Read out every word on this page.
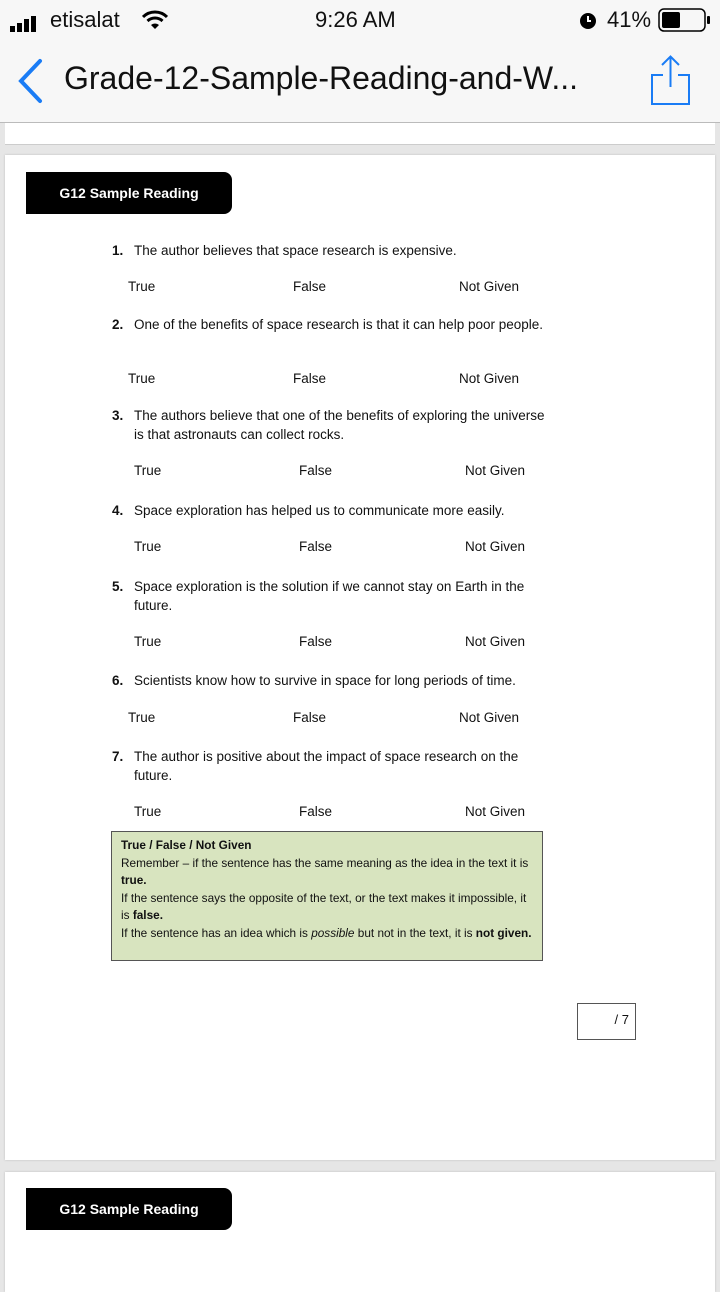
etisalat	9:26 AM	41%
Grade-12-Sample-Reading-and-W...
G12 Sample Reading
1. The author believes that space research is expensive.
True	False	Not Given
2. One of the benefits of space research is that it can help poor people.
True	False	Not Given
3. The authors believe that one of the benefits of exploring the universe is that astronauts can collect rocks.
True	False	Not Given
4. Space exploration has helped us to communicate more easily.
True	False	Not Given
5. Space exploration is the solution if we cannot stay on Earth in the future.
True	False	Not Given
6. Scientists know how to survive in space for long periods of time.
True	False	Not Given
7. The author is positive about the impact of space research on the future.
True	False	Not Given
True / False / Not Given
Remember – if the sentence has the same meaning as the idea in the text it is true.
If the sentence says the opposite of the text, or the text makes it impossible, it is false.
If the sentence has an idea which is possible but not in the text, it is not given.
/ 7
G12 Sample Reading
